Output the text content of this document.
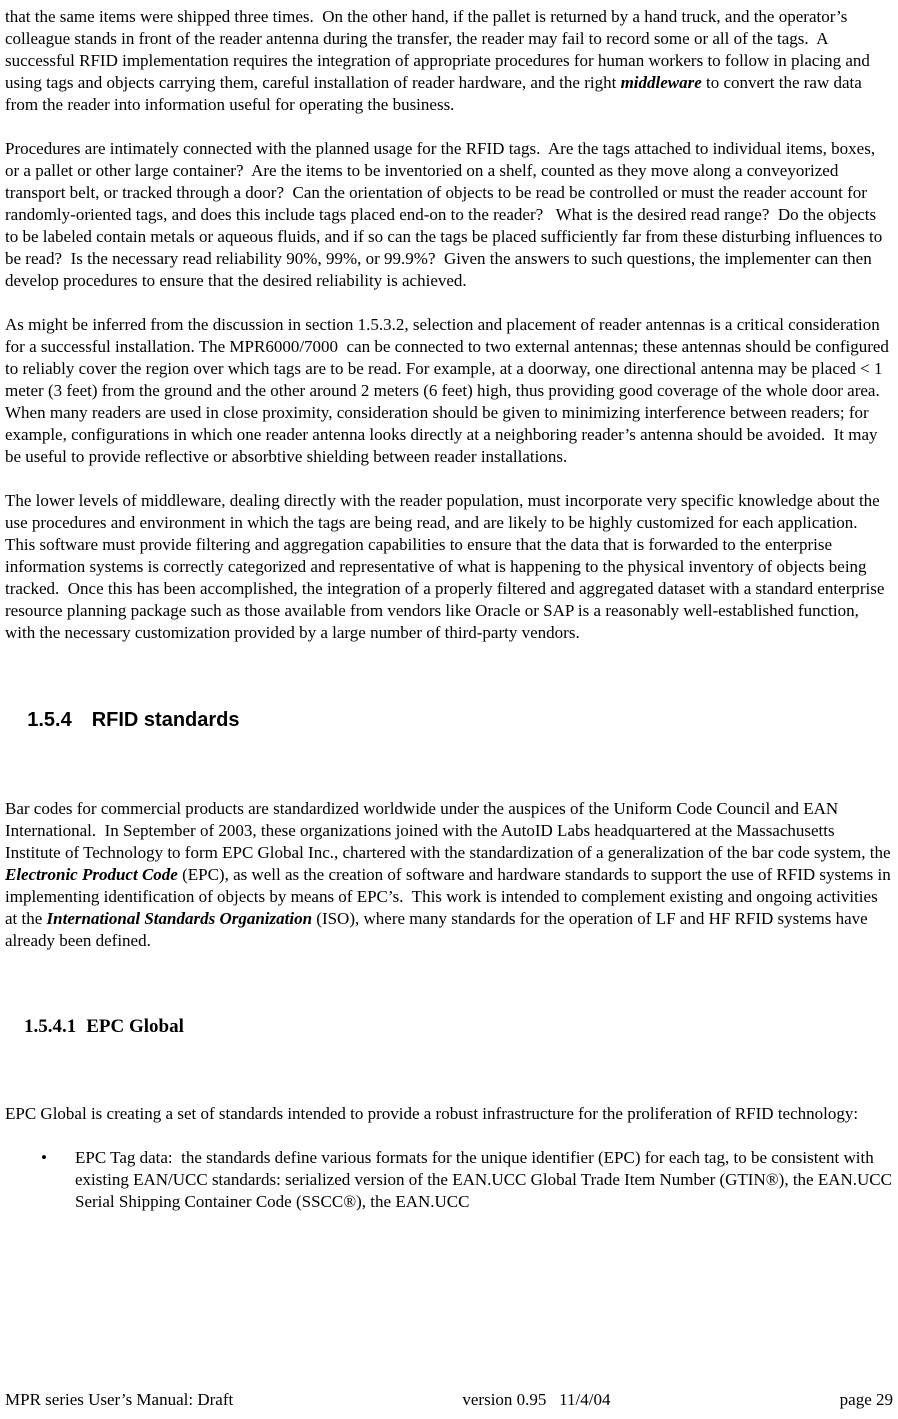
that the same items were shipped three times.  On the other hand, if the pallet is returned by a hand truck, and the operator’s colleague stands in front of the reader antenna during the transfer, the reader may fail to record some or all of the tags.  A successful RFID implementation requires the integration of appropriate procedures for human workers to follow in placing and using tags and objects carrying them, careful installation of reader hardware, and the right middleware to convert the raw data from the reader into information useful for operating the business.

Procedures are intimately connected with the planned usage for the RFID tags.  Are the tags attached to individual items, boxes, or a pallet or other large container?  Are the items to be inventoried on a shelf, counted as they move along a conveyorized transport belt, or tracked through a door?  Can the orientation of objects to be read be controlled or must the reader account for randomly-oriented tags, and does this include tags placed end-on to the reader?   What is the desired read range?  Do the objects to be labeled contain metals or aqueous fluids, and if so can the tags be placed sufficiently far from these disturbing influences to be read?  Is the necessary read reliability 90%, 99%, or 99.9%?  Given the answers to such questions, the implementer can then develop procedures to ensure that the desired reliability is achieved.

As might be inferred from the discussion in section 1.5.3.2, selection and placement of reader antennas is a critical consideration for a successful installation. The MPR6000/7000  can be connected to two external antennas; these antennas should be configured to reliably cover the region over which tags are to be read. For example, at a doorway, one directional antenna may be placed < 1 meter (3 feet) from the ground and the other around 2 meters (6 feet) high, thus providing good coverage of the whole door area.  When many readers are used in close proximity, consideration should be given to minimizing interference between readers; for example, configurations in which one reader antenna looks directly at a neighboring reader’s antenna should be avoided.  It may be useful to provide reflective or absorbtive shielding between reader installations.

The lower levels of middleware, dealing directly with the reader population, must incorporate very specific knowledge about the use procedures and environment in which the tags are being read, and are likely to be highly customized for each application.  This software must provide filtering and aggregation capabilities to ensure that the data that is forwarded to the enterprise information systems is correctly categorized and representative of what is happening to the physical inventory of objects being tracked.  Once this has been accomplished, the integration of a properly filtered and aggregated dataset with a standard enterprise resource planning package such as those available from vendors like Oracle or SAP is a reasonably well-established function, with the necessary customization provided by a large number of third-party vendors.

1.5.4 RFID standards

Bar codes for commercial products are standardized worldwide under the auspices of the Uniform Code Council and EAN International.  In September of 2003, these organizations joined with the AutoID Labs headquartered at the Massachusetts Institute of Technology to form EPC Global Inc., chartered with the standardization of a generalization of the bar code system, the Electronic Product Code (EPC), as well as the creation of software and hardware standards to support the use of RFID systems in implementing identification of objects by means of EPC’s.  This work is intended to complement existing and ongoing activities at the International Standards Organization (ISO), where many standards for the operation of LF and HF RFID systems have already been defined.

1.5.4.1 EPC Global

EPC Global is creating a set of standards intended to provide a robust infrastructure for the proliferation of RFID technology:

•	EPC Tag data:  the standards define various formats for the unique identifier (EPC) for each tag, to be consistent with existing EAN/UCC standards: serialized version of the EAN.UCC Global Trade Item Number (GTIN®), the EAN.UCC Serial Shipping Container Code (SSCC®), the EAN.UCC
MPR series User’s Manual: Draft	version 0.95   11/4/04	page 29
